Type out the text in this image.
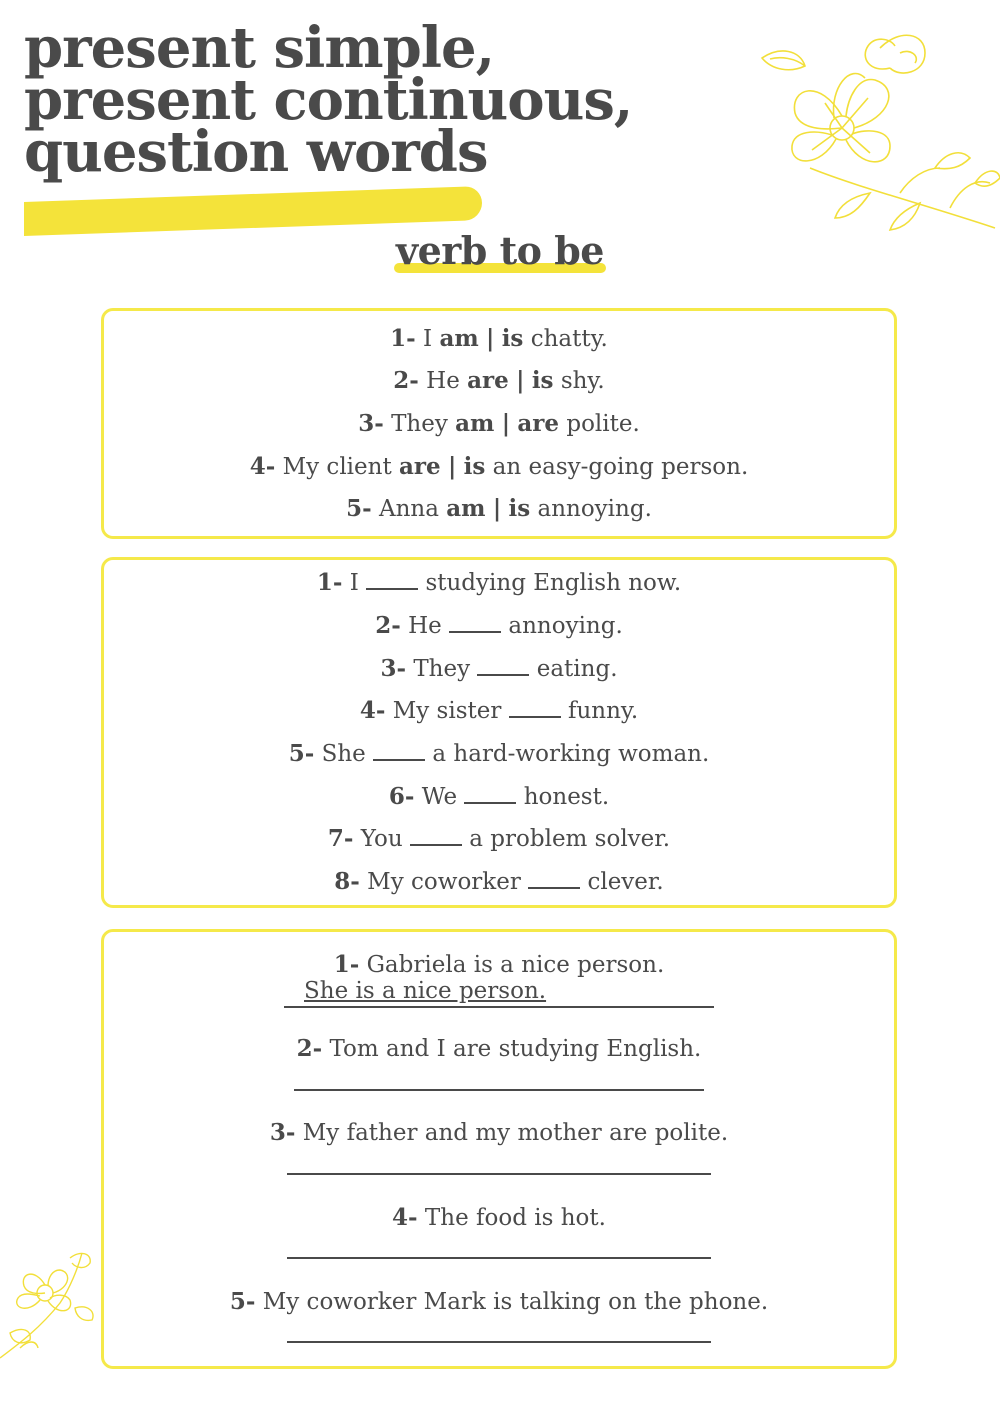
present simple,
present continuous,
question words
verb to be
1- I am | is chatty.
2- He are | is shy.
3- They am | are polite.
4- My client are | is an easy-going person.
5- Anna am | is annoying.
1- I	studying English now.
2- He	annoying.
3- They	eating.
4- My sister	funny.
5- She	a hard-working woman.
6- We	honest.
7- You	a problem solver.
8- My coworker	clever.
1- Gabriela is a nice person.
She is a nice person.
2- Tom and I are studying English.
3- My father and my mother are polite.
4- The food is hot.
5- My coworker Mark is talking on the phone.
